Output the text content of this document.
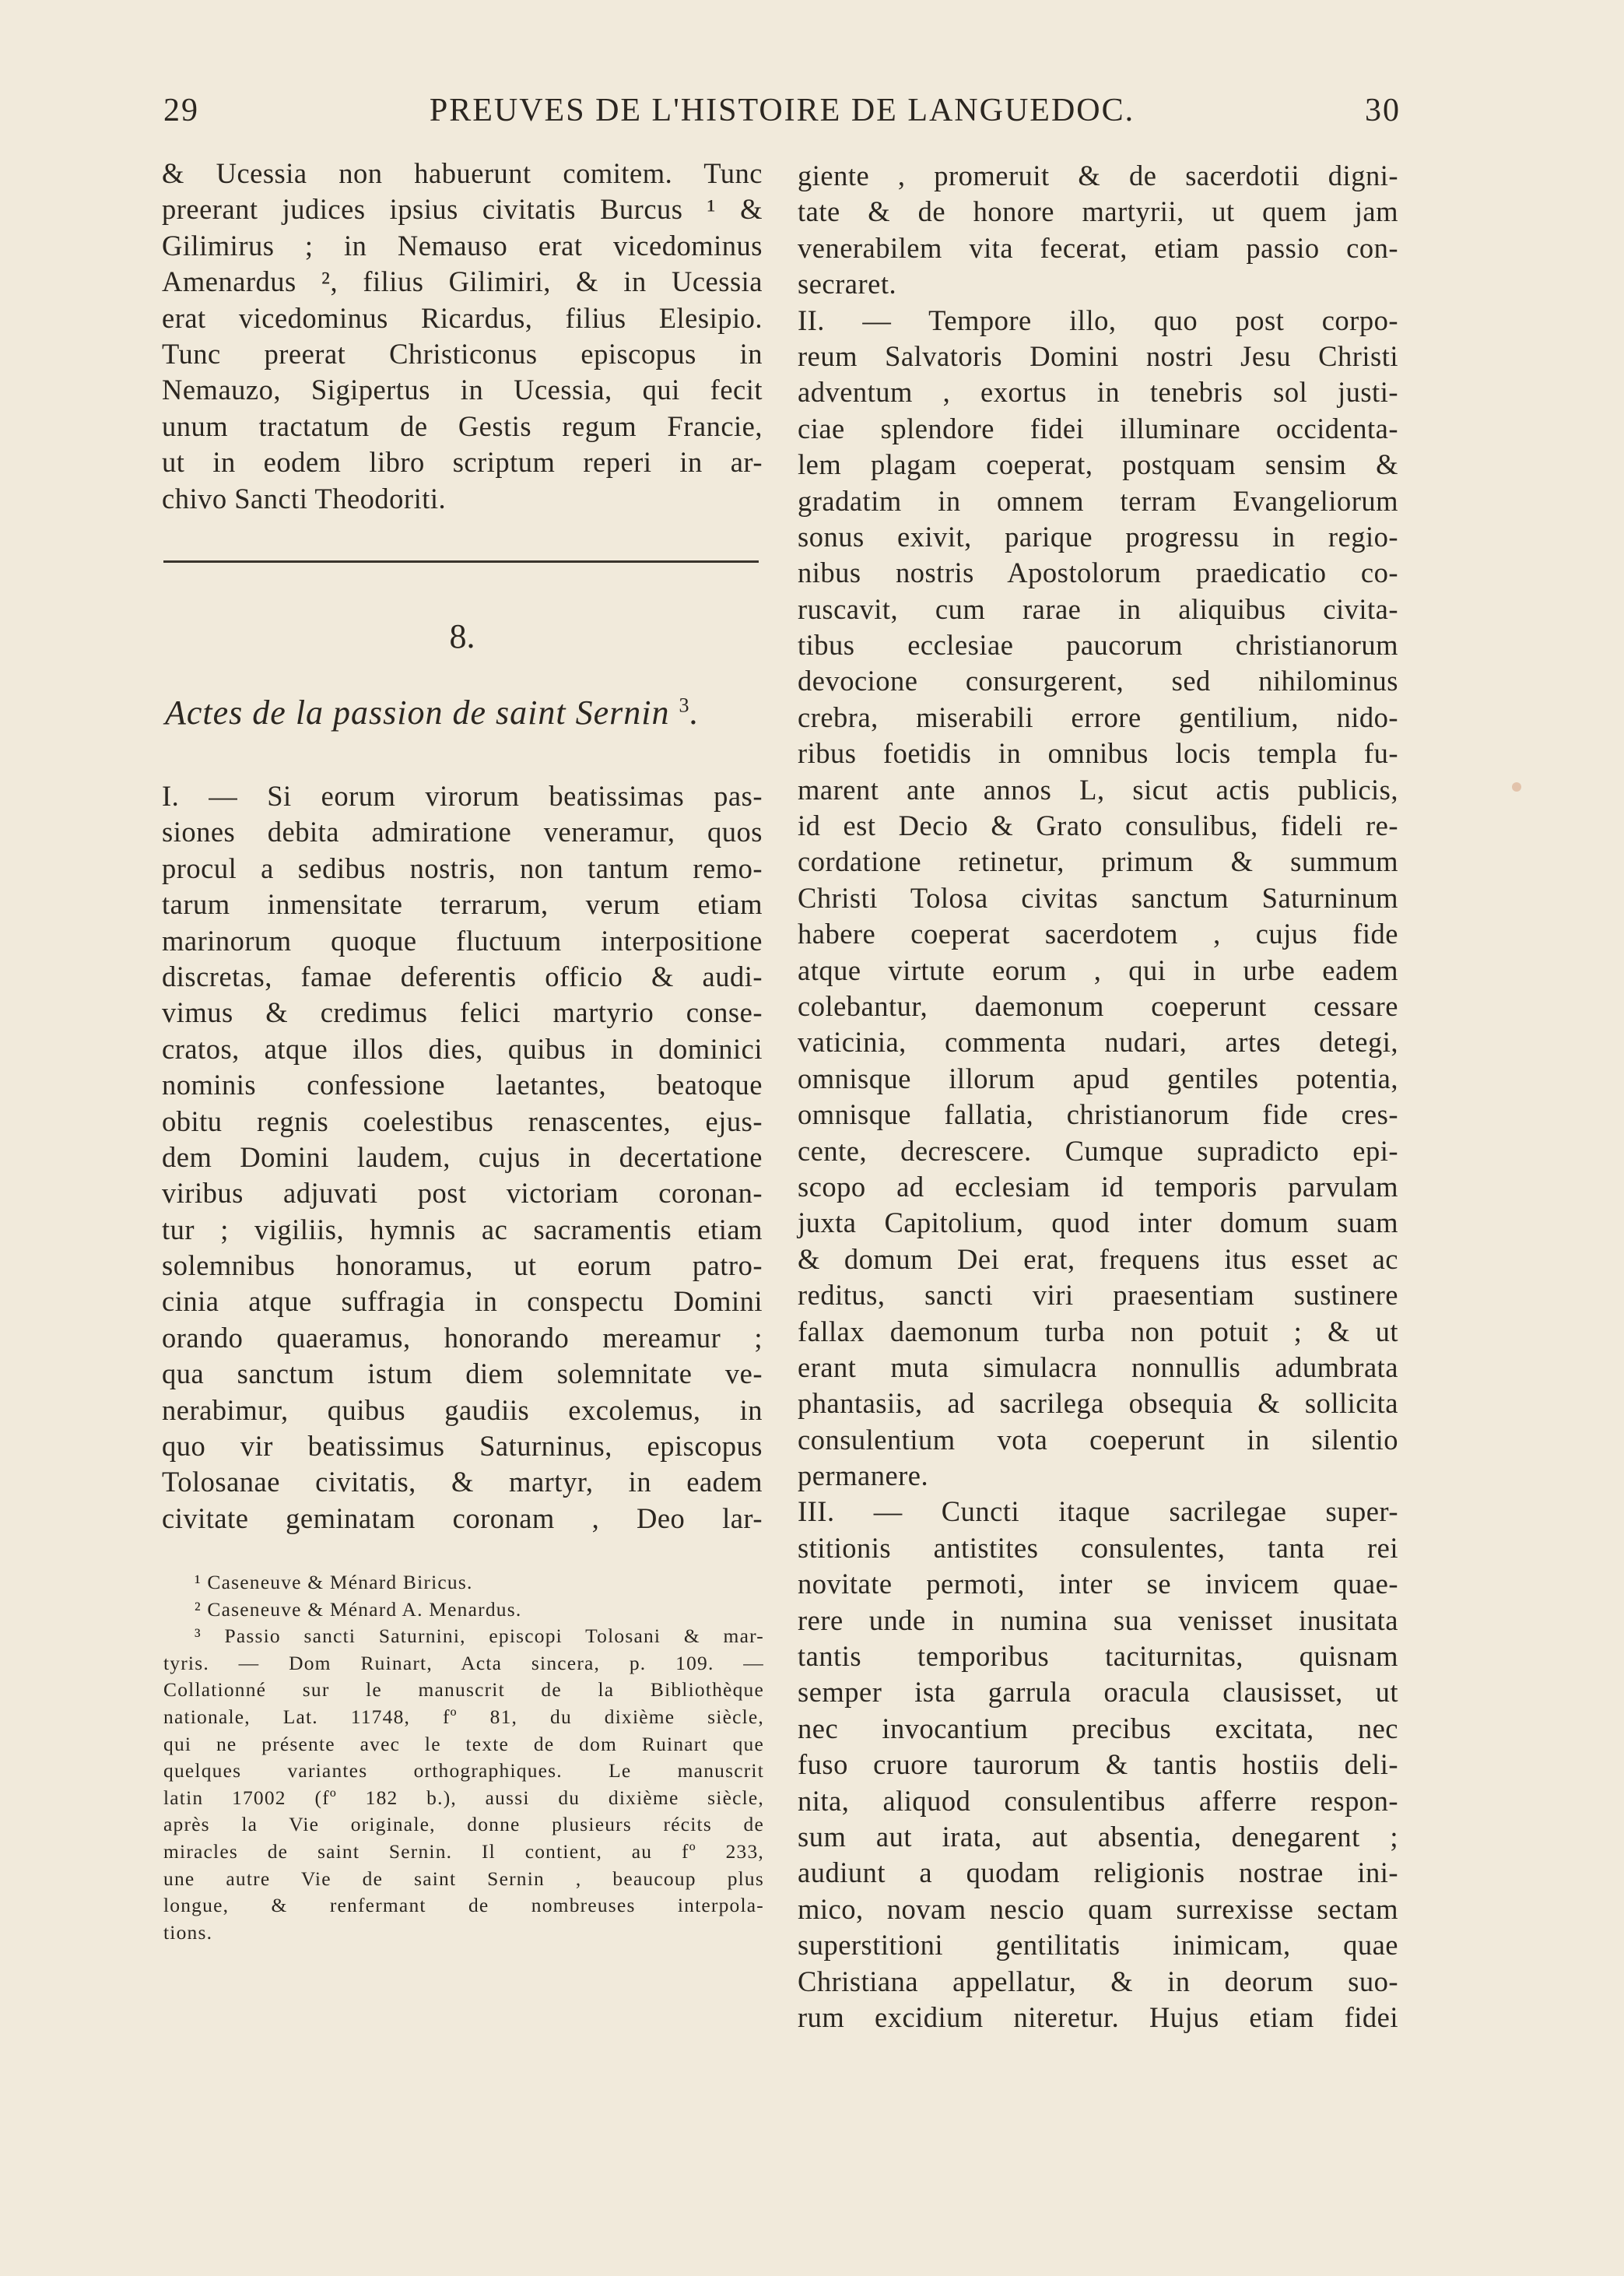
29	PREUVES DE L'HISTOIRE DE LANGUEDOC.	30
& Ucessia non habuerunt comitem. Tunc
preerant judices ipsius civitatis Burcus ¹ &
Gilimirus ; in Nemauso erat vicedominus
Amenardus ², filius Gilimiri, & in Ucessia
erat vicedominus Ricardus, filius Elesipio.
Tunc preerat Christiconus episcopus in
Nemauzo, Sigipertus in Ucessia, qui fecit
unum tractatum de Gestis regum Francie,
ut in eodem libro scriptum reperi in ar-
chivo Sancti Theodoriti.
8.
Actes de la passion de saint Sernin $^3$.
I. — Si eorum virorum beatissimas pas-
siones debita admiratione veneramur, quos
procul a sedibus nostris, non tantum remo-
tarum inmensitate terrarum, verum etiam
marinorum quoque fluctuum interpositione
discretas, famae deferentis officio & audi-
vimus & credimus felici martyrio conse-
cratos, atque illos dies, quibus in dominici
nominis confessione laetantes, beatoque
obitu regnis coelestibus renascentes, ejus-
dem Domini laudem, cujus in decertatione
viribus adjuvati post victoriam coronan-
tur ; vigiliis, hymnis ac sacramentis etiam
solemnibus honoramus, ut eorum patro-
cinia atque suffragia in conspectu Domini
orando quaeramus, honorando mereamur ;
qua sanctum istum diem solemnitate ve-
nerabimur, quibus gaudiis excolemus, in
quo vir beatissimus Saturninus, episcopus
Tolosanae civitatis, & martyr, in eadem
civitate geminatam coronam , Deo lar-
¹ Caseneuve & Ménard Biricus.
² Caseneuve & Ménard A. Menardus.
³ Passio sancti Saturnini, episcopi Tolosani & mar-
tyris. — Dom Ruinart, Acta sincera, p. 109. —
Collationné sur le manuscrit de la Bibliothèque
nationale, Lat. 11748, fº 81, du dixième siècle,
qui ne présente avec le texte de dom Ruinart que
quelques variantes orthographiques. Le manuscrit
latin 17002 (fº 182 b.), aussi du dixième siècle,
après la Vie originale, donne plusieurs récits de
miracles de saint Sernin. Il contient, au fº 233,
une autre Vie de saint Sernin , beaucoup plus
longue, & renfermant de nombreuses interpola-
tions.
giente , promeruit & de sacerdotii digni-
tate & de honore martyrii, ut quem jam
venerabilem vita fecerat, etiam passio con-
secraret.
II. — Tempore illo, quo post corpo-
reum Salvatoris Domini nostri Jesu Christi
adventum , exortus in tenebris sol justi-
ciae splendore fidei illuminare occidenta-
lem plagam coeperat, postquam sensim &
gradatim in omnem terram Evangeliorum
sonus exivit, parique progressu in regio-
nibus nostris Apostolorum praedicatio co-
ruscavit, cum rarae in aliquibus civita-
tibus ecclesiae paucorum christianorum
devocione consurgerent, sed nihilominus
crebra, miserabili errore gentilium, nido-
ribus foetidis in omnibus locis templa fu-
marent ante annos L, sicut actis publicis,
id est Decio & Grato consulibus, fideli re-
cordatione retinetur, primum & summum
Christi Tolosa civitas sanctum Saturninum
habere coeperat sacerdotem , cujus fide
atque virtute eorum , qui in urbe eadem
colebantur, daemonum coeperunt cessare
vaticinia, commenta nudari, artes detegi,
omnisque illorum apud gentiles potentia,
omnisque fallatia, christianorum fide cres-
cente, decrescere. Cumque supradicto epi-
scopo ad ecclesiam id temporis parvulam
juxta Capitolium, quod inter domum suam
& domum Dei erat, frequens itus esset ac
reditus, sancti viri praesentiam sustinere
fallax daemonum turba non potuit ; & ut
erant muta simulacra nonnullis adumbrata
phantasiis, ad sacrilega obsequia & sollicita
consulentium vota coeperunt in silentio
permanere.
III. — Cuncti itaque sacrilegae super-
stitionis antistites consulentes, tanta rei
novitate permoti, inter se invicem quae-
rere unde in numina sua venisset inusitata
tantis temporibus taciturnitas, quisnam
semper ista garrula oracula clausisset, ut
nec invocantium precibus excitata, nec
fuso cruore taurorum & tantis hostiis deli-
nita, aliquod consulentibus afferre respon-
sum aut irata, aut absentia, denegarent ;
audiunt a quodam religionis nostrae ini-
mico, novam nescio quam surrexisse sectam
superstitioni gentilitatis inimicam, quae
Christiana appellatur, & in deorum suo-
rum excidium niteretur. Hujus etiam fidei
